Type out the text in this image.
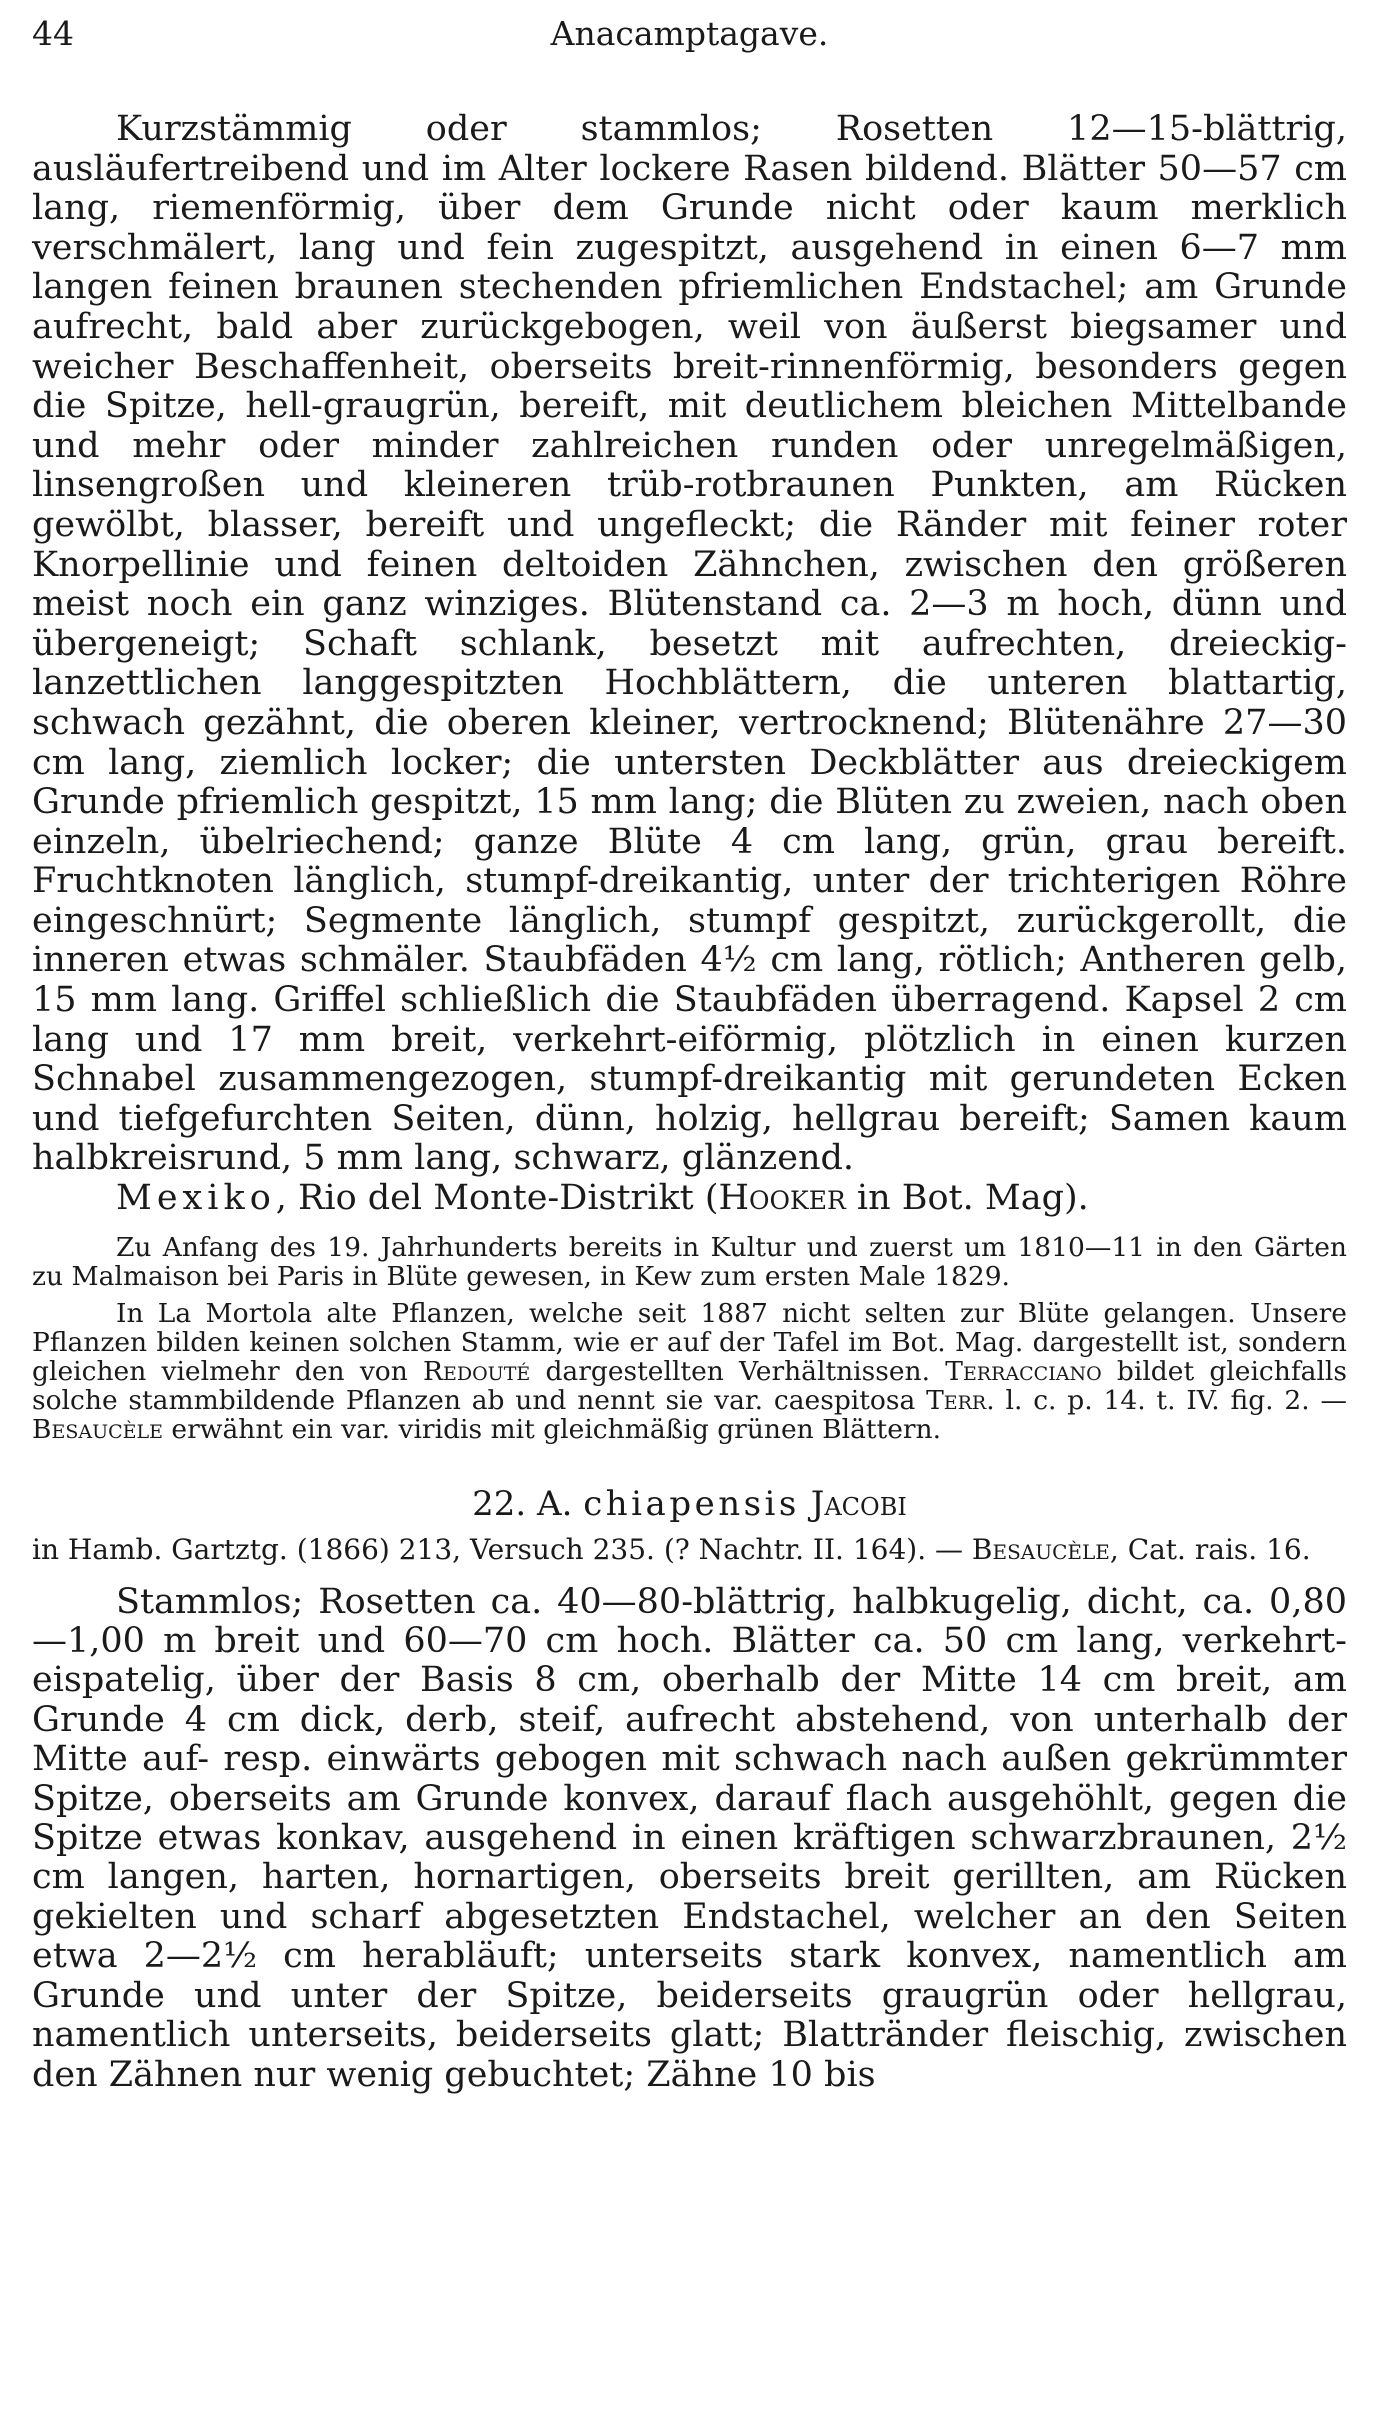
44	Anacamptagave.

Kurzstämmig oder stammlos; Rosetten 12—15-blättrig, ausläufertreibend und im Alter lockere Rasen bildend. Blätter 50—57 cm lang, riemenförmig, über dem Grunde nicht oder kaum merklich verschmälert, lang und fein zugespitzt, ausgehend in einen 6—7 mm langen feinen braunen stechenden pfriemlichen Endstachel; am Grunde aufrecht, bald aber zurückgebogen, weil von äußerst biegsamer und weicher Beschaffenheit, oberseits breit-rinnenförmig, besonders gegen die Spitze, hell-graugrün, bereift, mit deutlichem bleichen Mittelbande und mehr oder minder zahlreichen runden oder unregelmäßigen, linsengroßen und kleineren trüb-rotbraunen Punkten, am Rücken gewölbt, blasser, bereift und ungefleckt; die Ränder mit feiner roter Knorpellinie und feinen deltoiden Zähnchen, zwischen den größeren meist noch ein ganz winziges. Blütenstand ca. 2—3 m hoch, dünn und übergeneigt; Schaft schlank, besetzt mit aufrechten, dreieckig-lanzettlichen langgespitzten Hochblättern, die unteren blattartig, schwach gezähnt, die oberen kleiner, vertrocknend; Blütenähre 27—30 cm lang, ziemlich locker; die untersten Deckblätter aus dreieckigem Grunde pfriemlich gespitzt, 15 mm lang; die Blüten zu zweien, nach oben einzeln, übelriechend; ganze Blüte 4 cm lang, grün, grau bereift. Fruchtknoten länglich, stumpf-dreikantig, unter der trichterigen Röhre eingeschnürt; Segmente länglich, stumpf gespitzt, zurückgerollt, die inneren etwas schmäler. Staubfäden 4½ cm lang, rötlich; Antheren gelb, 15 mm lang. Griffel schließlich die Staubfäden überragend. Kapsel 2 cm lang und 17 mm breit, verkehrt-eiförmig, plötzlich in einen kurzen Schnabel zusammengezogen, stumpf-dreikantig mit gerundeten Ecken und tiefgefurchten Seiten, dünn, holzig, hellgrau bereift; Samen kaum halbkreisrund, 5 mm lang, schwarz, glänzend.

Mexiko, Rio del Monte-Distrikt (Hooker in Bot. Mag).

Zu Anfang des 19. Jahrhunderts bereits in Kultur und zuerst um 1810—11 in den Gärten zu Malmaison bei Paris in Blüte gewesen, in Kew zum ersten Male 1829.

In La Mortola alte Pflanzen, welche seit 1887 nicht selten zur Blüte gelangen. Unsere Pflanzen bilden keinen solchen Stamm, wie er auf der Tafel im Bot. Mag. dargestellt ist, sondern gleichen vielmehr den von Redouté dargestellten Verhältnissen. Terracciano bildet gleichfalls solche stammbildende Pflanzen ab und nennt sie var. caespitosa Terr. l. c. p. 14. t. IV. fig. 2. — Besaucèle erwähnt ein var. viridis mit gleichmäßig grünen Blättern.

22. A. chiapensis Jacobi

in Hamb. Gartztg. (1866) 213, Versuch 235. (? Nachtr. II. 164). — Besaucèle, Cat. rais. 16.

Stammlos; Rosetten ca. 40—80-blättrig, halbkugelig, dicht, ca. 0,80—1,00 m breit und 60—70 cm hoch. Blätter ca. 50 cm lang, verkehrt-eispatelig, über der Basis 8 cm, oberhalb der Mitte 14 cm breit, am Grunde 4 cm dick, derb, steif, aufrecht abstehend, von unterhalb der Mitte auf- resp. einwärts gebogen mit schwach nach außen gekrümmter Spitze, oberseits am Grunde konvex, darauf flach ausgehöhlt, gegen die Spitze etwas konkav, ausgehend in einen kräftigen schwarzbraunen, 2½ cm langen, harten, hornartigen, oberseits breit gerillten, am Rücken gekielten und scharf abgesetzten Endstachel, welcher an den Seiten etwa 2—2½ cm herabläuft; unterseits stark konvex, namentlich am Grunde und unter der Spitze, beiderseits graugrün oder hellgrau, namentlich unterseits, beiderseits glatt; Blattränder fleischig, zwischen den Zähnen nur wenig gebuchtet; Zähne 10 bis
